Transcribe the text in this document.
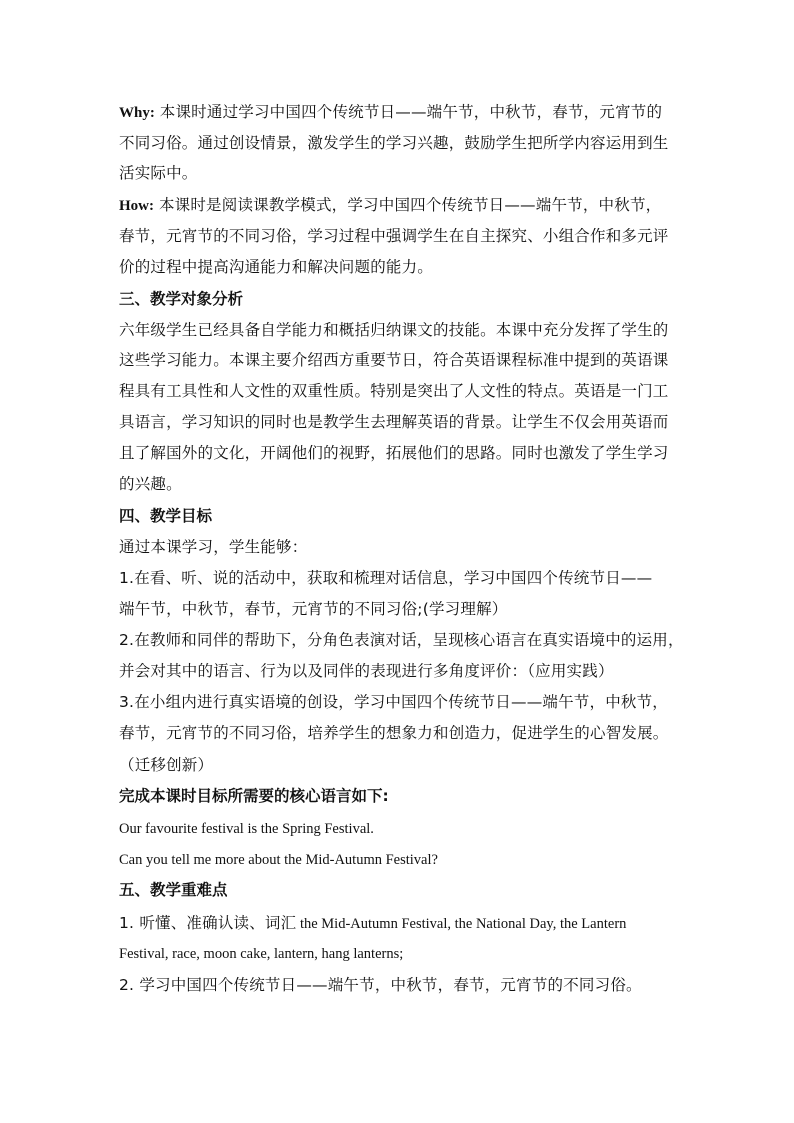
Why: 本课时通过学习中国四个传统节日——端午节，中秋节，春节，元宵节的
不同习俗。通过创设情景，激发学生的学习兴趣，鼓励学生把所学内容运用到生
活实际中。
How: 本课时是阅读课教学模式，学习中国四个传统节日——端午节，中秋节，
春节，元宵节的不同习俗，学习过程中强调学生在自主探究、小组合作和多元评
价的过程中提高沟通能力和解决问题的能力。
三、教学对象分析
六年级学生已经具备自学能力和概括归纳课文的技能。本课中充分发挥了学生的
这些学习能力。本课主要介绍西方重要节日，符合英语课程标准中提到的英语课
程具有工具性和人文性的双重性质。特别是突出了人文性的特点。英语是一门工
具语言，学习知识的同时也是教学生去理解英语的背景。让学生不仅会用英语而
且了解国外的文化，开阔他们的视野，拓展他们的思路。同时也激发了学生学习
的兴趣。
四、教学目标
通过本课学习，学生能够：
1.在看、听、说的活动中，获取和梳理对话信息，学习中国四个传统节日——
端午节，中秋节，春节，元宵节的不同习俗;(学习理解）
2.在教师和同伴的帮助下，分角色表演对话，呈现核心语言在真实语境中的运用，
并会对其中的语言、行为以及同伴的表现进行多角度评价：（应用实践）
3.在小组内进行真实语境的创设，学习中国四个传统节日——端午节，中秋节，
春节，元宵节的不同习俗，培养学生的想象力和创造力，促进学生的心智发展。
（迁移创新）
完成本课时目标所需要的核心语言如下:
Our favourite festival is the Spring Festival.
Can you tell me more about the Mid-Autumn Festival?
五、教学重难点
1. 听懂、准确认读、词汇 the Mid-Autumn Festival, the National Day, the Lantern
Festival, race, moon cake, lantern, hang lanterns;
2. 学习中国四个传统节日——端午节，中秋节，春节，元宵节的不同习俗。
